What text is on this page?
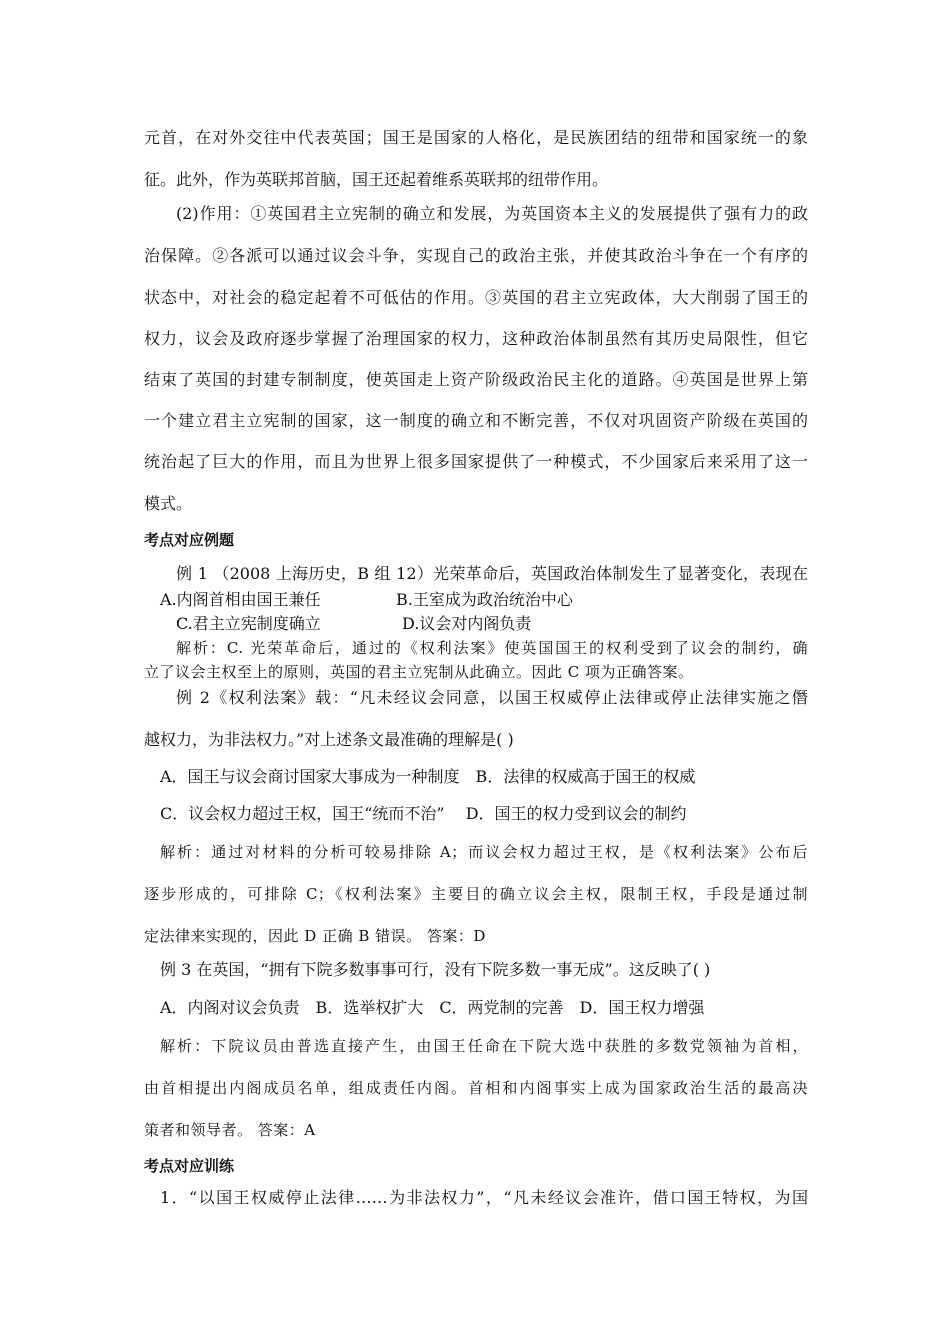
元首，在对外交往中代表英国；国王是国家的人格化，是民族团结的纽带和国家统一的象
征。此外，作为英联邦首脑，国王还起着维系英联邦的纽带作用。
(2)作用：①英国君主立宪制的确立和发展，为英国资本主义的发展提供了强有力的政
治保障。②各派可以通过议会斗争，实现自己的政治主张，并使其政治斗争在一个有序的
状态中，对社会的稳定起着不可低估的作用。③英国的君主立宪政体，大大削弱了国王的
权力，议会及政府逐步掌握了治理国家的权力，这种政治体制虽然有其历史局限性，但它
结束了英国的封建专制制度，使英国走上资产阶级政治民主化的道路。④英国是世界上第
一个建立君主立宪制的国家，这一制度的确立和不断完善，不仅对巩固资产阶级在英国的
统治起了巨大的作用，而且为世界上很多国家提供了一种模式，不少国家后来采用了这一
模式。
考点对应例题
例 1 （2008 上海历史，B 组 12）光荣革命后，英国政治体制发生了显著变化，表现在
A.内阁首相由国王兼任	B.王室成为政治统治中心
C.君主立宪制度确立	D.议会对内阁负责
解析：C. 光荣革命后，通过的《权利法案》使英国国王的权利受到了议会的制约，确
立了议会主权至上的原则，英国的君主立宪制从此确立。因此 C 项为正确答案。
例 2《权利法案》载：“凡未经议会同意，以国王权威停止法律或停止法律实施之僭
越权力，为非法权力。”对上述条文最准确的理解是( )
A．国王与议会商讨国家大事成为一种制度　B．法律的权威高于国王的权威
C．议会权力超过王权，国王“统而不治”　 D．国王的权力受到议会的制约
解析：通过对材料的分析可较易排除 A；而议会权力超过王权，是《权利法案》公布后
逐步形成的，可排除 C；《权利法案》主要目的确立议会主权，限制王权，手段是通过制
定法律来实现的，因此 D 正确 B 错误。 答案：D
例 3 在英国，“拥有下院多数事事可行，没有下院多数一事无成”。这反映了( )
A．内阁对议会负责　B．选举权扩大　C．两党制的完善　D．国王权力增强
解析：下院议员由普选直接产生，由国王任命在下院大选中获胜的多数党领袖为首相，
由首相提出内阁成员名单，组成责任内阁。首相和内阁事实上成为国家政治生活的最高决
策者和领导者。 答案：A
考点对应训练
1．“以国王权威停止法律……为非法权力”，“凡未经议会准许，借口国王特权，为国
